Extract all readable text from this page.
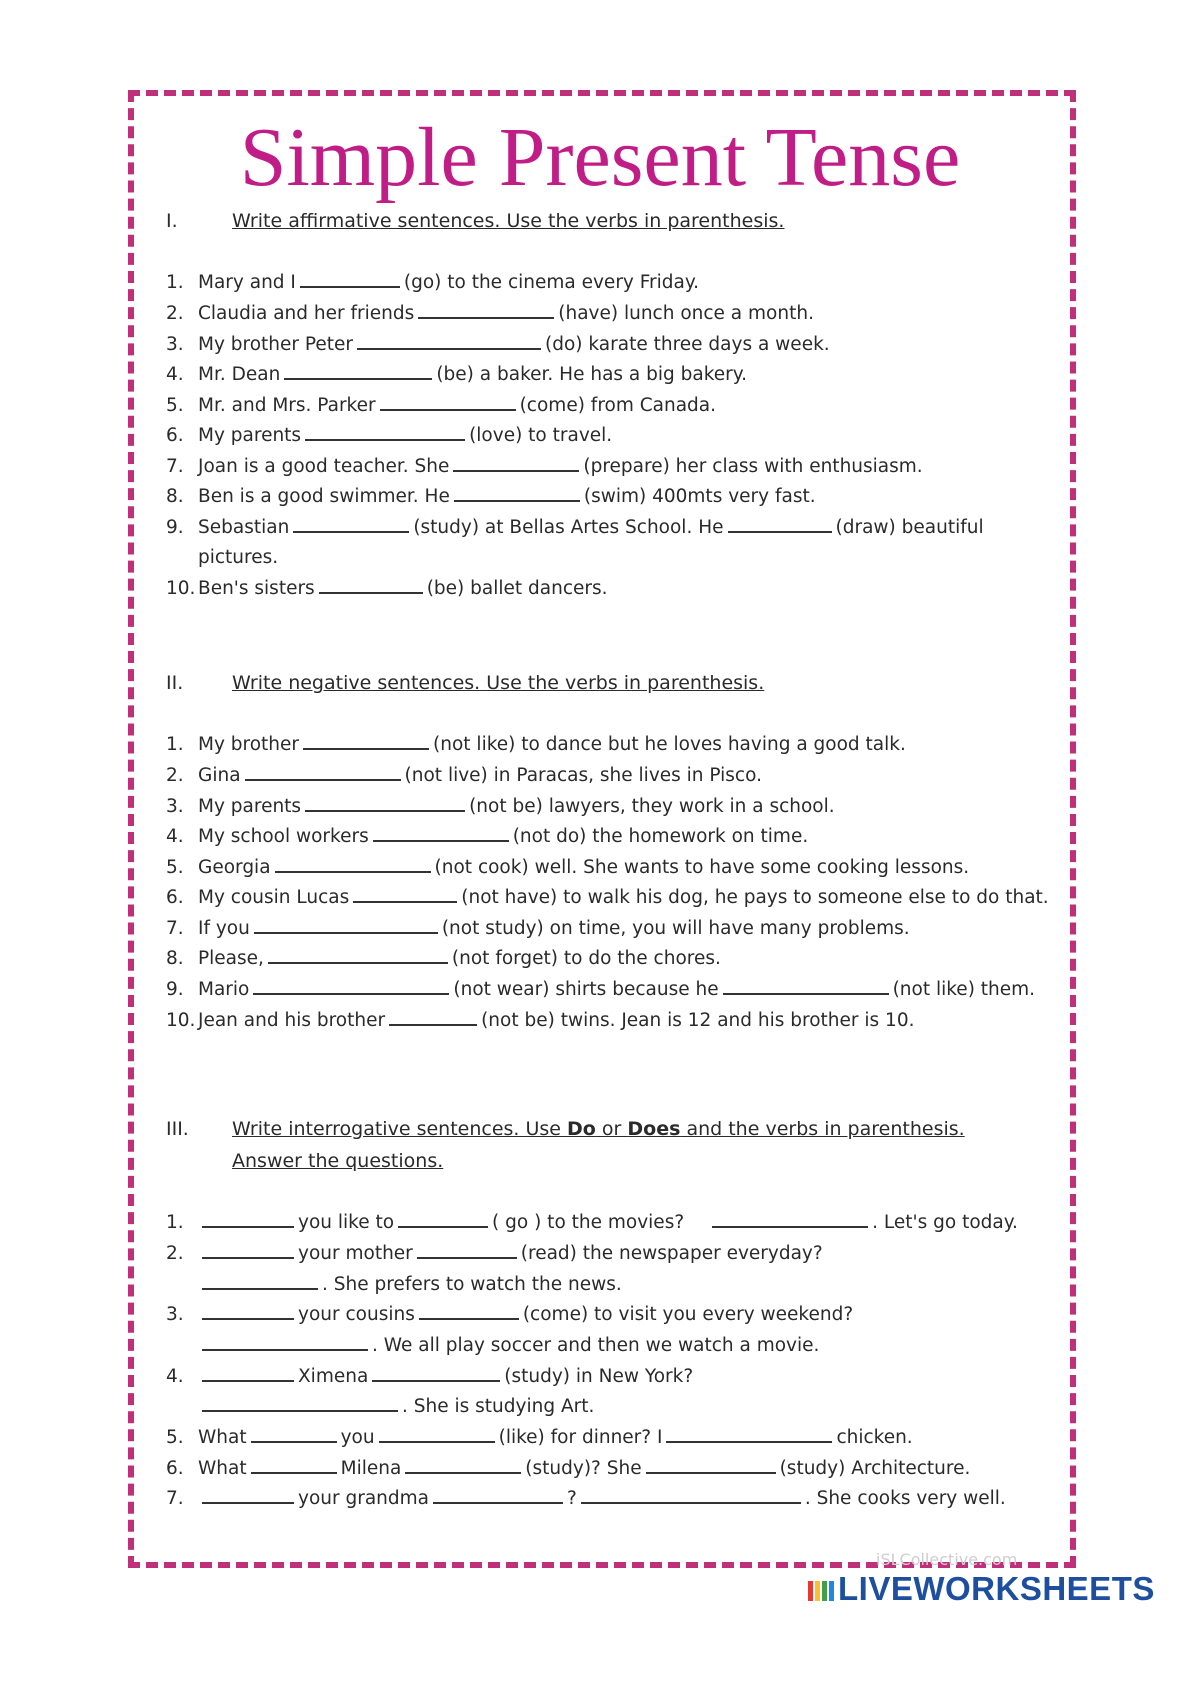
Simple Present Tense
I.	Write affirmative sentences. Use the verbs in parenthesis.
1. Mary and I	(go) to the cinema every Friday.
2. Claudia and her friends	(have) lunch once a month.
3. My brother Peter	(do) karate three days a week.
4. Mr. Dean	(be) a baker. He has a big bakery.
5. Mr. and Mrs. Parker	(come) from Canada.
6. My parents	(love) to travel.
7. Joan is a good teacher. She	(prepare) her class with enthusiasm.
8. Ben is a good swimmer. He	(swim) 400mts very fast.
9. Sebastian	(study) at Bellas Artes School. He	(draw) beautiful
pictures.
10. Ben's sisters	(be) ballet dancers.
II.	Write negative sentences. Use the verbs in parenthesis.
1. My brother	(not like) to dance but he loves having a good talk.
2. Gina	(not live) in Paracas, she lives in Pisco.
3. My parents	(not be) lawyers, they work in a school.
4. My school workers	(not do) the homework on time.
5. Georgia	(not cook) well. She wants to have some cooking lessons.
6. My cousin Lucas	(not have) to walk his dog, he pays to someone else to do that.
7. If you	(not study) on time, you will have many problems.
8. Please,	(not forget) to do the chores.
9. Mario	(not wear) shirts because he	(not like) them.
10. Jean and his brother	(not be) twins. Jean is 12 and his brother is 10.
III. Write interrogative sentences. Use Do or Does and the verbs in parenthesis.
Answer the questions.
1.	you like to	( go ) to the movies?	. Let's go today.
2.	your mother	(read) the newspaper everyday?
. She prefers to watch the news.
3.	your cousins	(come) to visit you every weekend?
. We all play soccer and then we watch a movie.
4.	Ximena	(study) in New York?
. She is studying Art.
5. What	you	(like) for dinner? I	chicken.
6. What	Milena	(study)? She	(study) Architecture.
7.	your grandma	?	. She cooks very well.
iSLCollective.com
LIVEWORKSHEETS
